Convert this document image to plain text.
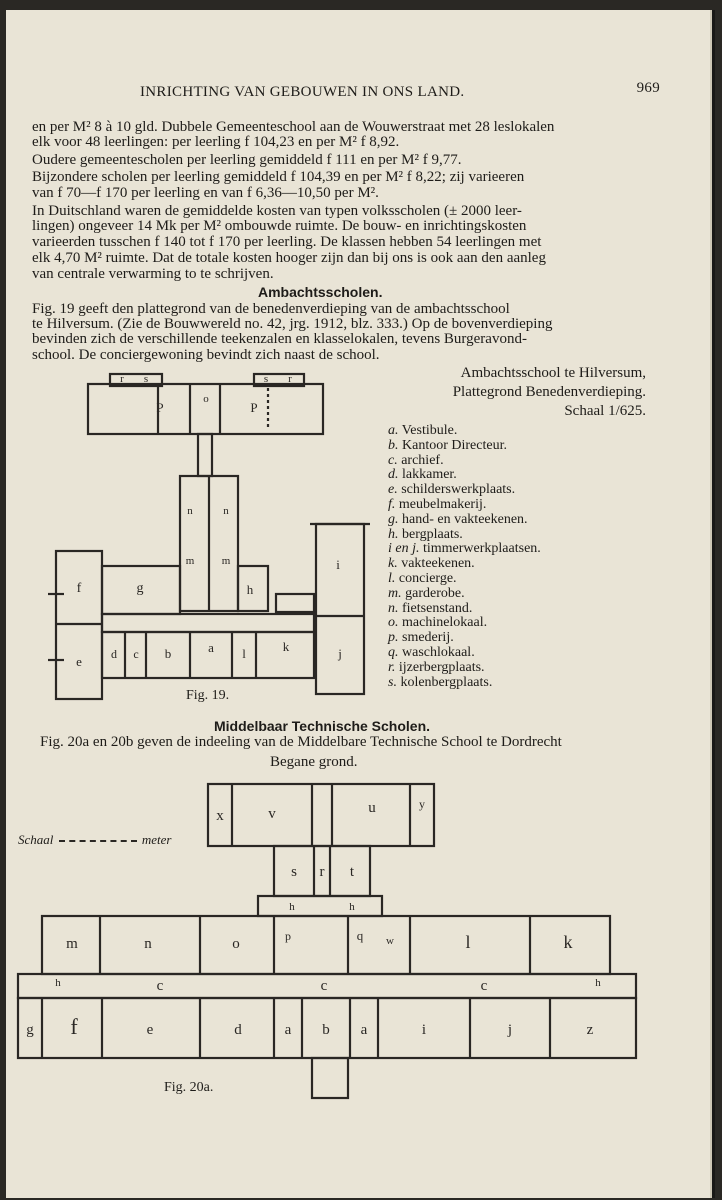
INRICHTING VAN GEBOUWEN IN ONS LAND.	969
en per M² 8 à 10 gld. Dubbele Gemeenteschool aan de Wouwerstraat met 28 leslokalen
elk voor 48 leerlingen: per leerling f 104,23 en per M² f 8,92.
Oudere gemeentescholen per leerling gemiddeld f 111 en per M² f 9,77.
Bijzondere scholen per leerling gemiddeld f 104,39 en per M² f 8,22; zij varieeren
van f 70—f 170 per leerling en van f 6,36—10,50 per M².
In Duitschland waren de gemiddelde kosten van typen volksscholen (± 2000 leer-
lingen) ongeveer 14 Mk per M² ombouwde ruimte. De bouw- en inrichtingskosten
varieerden tusschen f 140 tot f 170 per leerling. De klassen hebben 54 leerlingen met
elk 4,70 M² ruimte. Dat de totale kosten hooger zijn dan bij ons is ook aan den aanleg
van centrale verwarming to te schrijven.
Ambachtsscholen.
Fig. 19 geeft den plattegrond van de benedenverdieping van de ambachtsschool
te Hilversum. (Zie de Bouwwereld no. 42, jrg. 1912, blz. 333.) Op de bovenverdieping
bevinden zich de verschillende teekenzalen en klasselokalen, tevens Burgeravond-
school. De conciergewoning bevindt zich naast de school.
Ambachtsschool te Hilversum,
Plattegrond Benedenverdieping.
Schaal 1/625.
a. Vestibule.
b. Kantoor Directeur.
c. archief.
d. lakkamer.
e. schilderswerkplaats.
f. meubelmakerij.
g. hand- en vakteekenen.
h. bergplaats.
i en j. timmerwerkplaatsen.
k. vakteekenen.
l. concierge.
m. garderobe.
n. fietsenstand.
o. machinelokaal.
p. smederij.
q. waschlokaal.
r. ijzerbergplaats.
s. kolenbergplaats.
r s	s r
o
P	P
n	n
m m
f	g	h
i
j
k
a
b
c
d
e
l
Fig. 19.
Middelbaar Technische Scholen.
Fig. 20a en 20b geven de indeeling van de Middelbare Technische School te Dordrecht
Begane grond.
Schaal	meter
x	v	u	y
s r t
h	h
m	n	o	p	q w	l	k
c	c	c
h	h
g f	e	d	a b a	i	j	z
Fig. 20a.
